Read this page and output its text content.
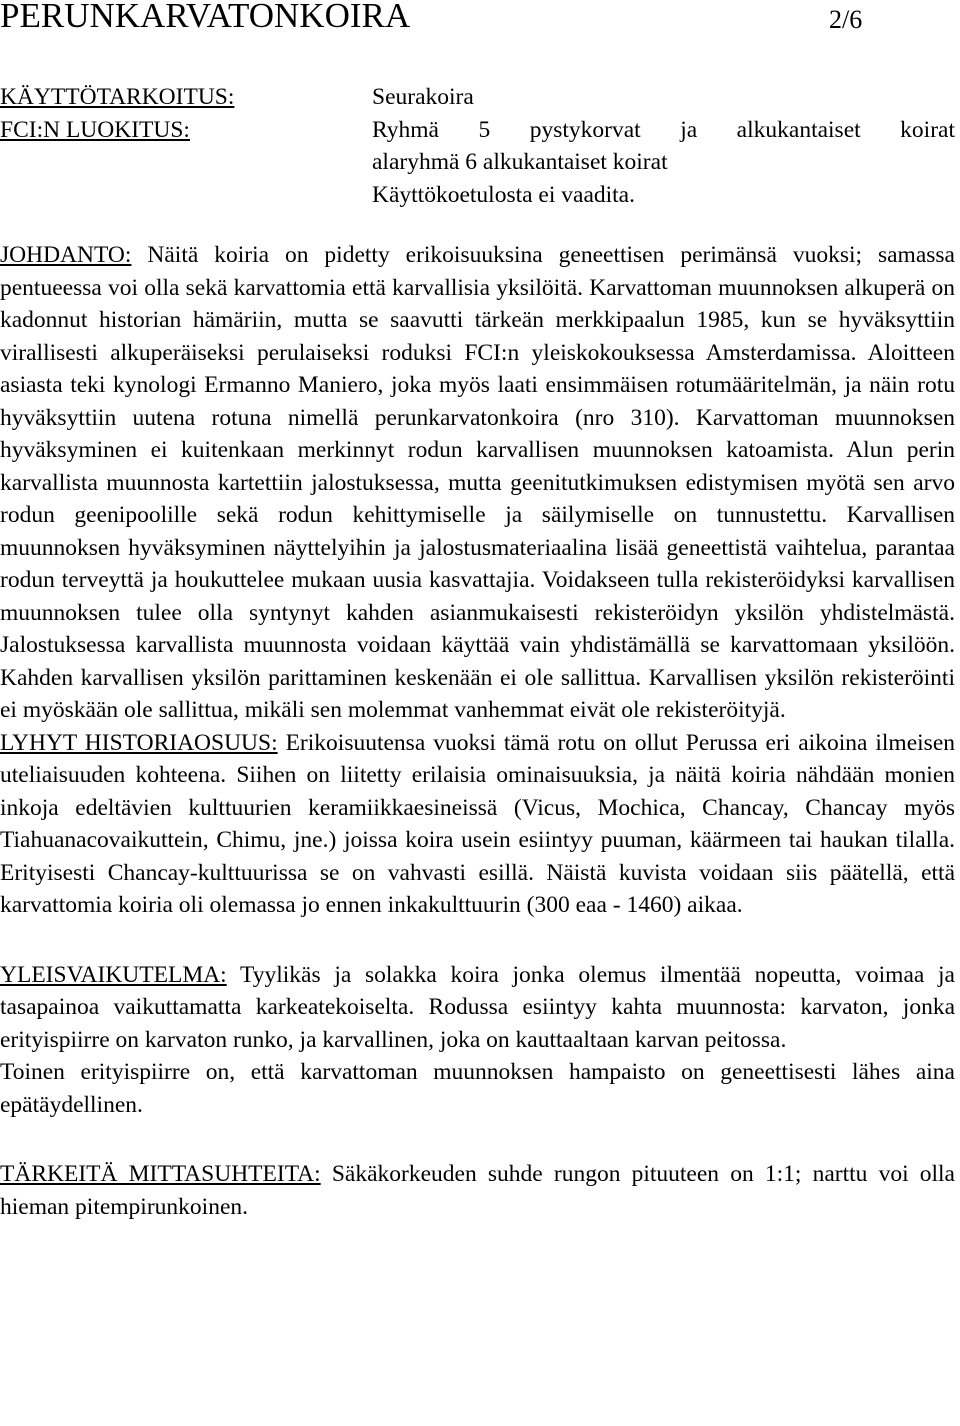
PERUNKARVATONKOIRA	2/6
KÄYTTÖTARKOITUS:	Seurakoira
FCI:N LUOKITUS:	Ryhmä 5 pystykorvat ja alkukantaiset koirat
alaryhmä 6 alkukantaiset koirat
Käyttökoetulosta ei vaadita.

JOHDANTO: Näitä koiria on pidetty erikoisuuksina geneettisen perimänsä vuoksi; samassa pentueessa voi olla sekä karvattomia että karvallisia yksilöitä. Karvattoman muunnoksen alkuperä on kadonnut historian hämäriin, mutta se saavutti tärkeän merkkipaalun 1985, kun se hyväksyttiin virallisesti alkuperäiseksi perulaiseksi roduksi FCI:n yleiskokouksessa Amsterdamissa. Aloitteen asiasta teki kynologi Ermanno Maniero, joka myös laati ensimmäisen rotumääritelmän, ja näin rotu hyväksyttiin uutena rotuna nimellä perunkarvatonkoira (nro 310). Karvattoman muunnoksen hyväksyminen ei kuitenkaan merkinnyt rodun karvallisen muunnoksen katoamista. Alun perin karvallista muunnosta kartettiin jalostuksessa, mutta geenitutkimuksen edistymisen myötä sen arvo rodun geenipoolille sekä rodun kehittymiselle ja säilymiselle on tunnustettu. Karvallisen muunnoksen hyväksyminen näyttelyihin ja jalostusmateriaalina lisää geneettistä vaihtelua, parantaa rodun terveyttä ja houkuttelee mukaan uusia kasvattajia. Voidakseen tulla rekisteröidyksi karvallisen muunnoksen tulee olla syntynyt kahden asianmukaisesti rekisteröidyn yksilön yhdistelmästä. Jalostuksessa karvallista muunnosta voidaan käyttää vain yhdistämällä se karvattomaan yksilöön. Kahden karvallisen yksilön parittaminen keskenään ei ole sallittua. Karvallisen yksilön rekisteröinti ei myöskään ole sallittua, mikäli sen molemmat vanhemmat eivät ole rekisteröityjä.

LYHYT HISTORIAOSUUS: Erikoisuutensa vuoksi tämä rotu on ollut Perussa eri aikoina ilmeisen uteliaisuuden kohteena. Siihen on liitetty erilaisia ominaisuuksia, ja näitä koiria nähdään monien inkoja edeltävien kulttuurien keramiikkaesineissä (Vicus, Mochica, Chancay, Chancay myös Tiahuanacovaikuttein, Chimu, jne.) joissa koira usein esiintyy puuman, käärmeen tai haukan tilalla. Erityisesti Chancay-kulttuurissa se on vahvasti esillä. Näistä kuvista voidaan siis päätellä, että karvattomia koiria oli olemassa jo ennen inkakulttuurin (300 eaa - 1460) aikaa.

YLEISVAIKUTELMA: Tyylikäs ja solakka koira jonka olemus ilmentää nopeutta, voimaa ja tasapainoa vaikuttamatta karkeatekoiselta. Rodussa esiintyy kahta muunnosta: karvaton, jonka erityispiirre on karvaton runko, ja karvallinen, joka on kauttaaltaan karvan peitossa.

Toinen erityispiirre on, että karvattoman muunnoksen hampaisto on geneettisesti lähes aina epätäydellinen.

TÄRKEITÄ MITTASUHTEITA: Säkäkorkeuden suhde rungon pituuteen on 1:1; narttu voi olla hieman pitempirunkoinen.
